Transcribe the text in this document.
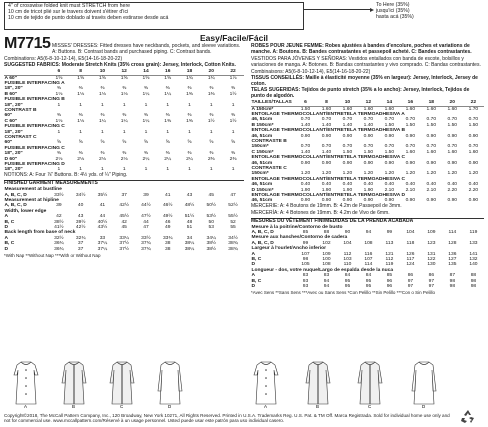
4" of crosswise folded knit must STRETCH from here
10 cm de tricot plié sur le travers doivent s'étirer d'ici
10 cm de tejido de punto doblado al través deben estirarse desde acá
To Here (35%)
jusqu'ici (35%)
hasta acá (35%)
M7715	Easy/Facile/Fácil
MISSES' DRESSES: Fitted dresses have neckbands, pockets, and sleeve variations. A: Buttons. B: Contrast bands and purchased piping. C: Contrast bands.
Combinations: A5(6-8-10-12-14), E5(14-16-18-20-22)
SUGGESTED FABRICS: Moderate Stretch Knits (35% cross grain): Jersey, Interlock, Cotton Knits.
	6	8	10	12	14	16	18	20	22
A 60"	1⅝	1⅝	1⅝	1⅝	1⅝	1⅝	1¾	1¾	1⅞
FUSIBLE INTERFACING A									
18", 20"	⅜	⅜	⅜	⅜	⅜	⅜	⅜	⅜	⅜
B 60"	1⅛	1⅛	1⅛	1⅛	1¼	1¼	1⅜	1⅜	1½
FUSIBLE INTERFACING B									
18", 20"	1	1	1	1	1	1	1	1	1
CONTRAST B									
60"	⅜	⅜	⅜	⅜	⅜	⅜	⅜	⅜	⅜
C 60"	1⅛	1⅛	1¼	1¼	1¼	1⅜	1⅜	1½	1½
FUSIBLE INTERFACING C									
18", 20"	1	1	1	1	1	1	1	1	1
CONTRAST C									
60"	⅝	⅝	⅝	⅝	⅝	⅝	⅝	⅝	⅝
FUSIBLE INTERFACING C									
18", 20"	⅜	⅜	⅜	⅜	⅜	⅜	⅜	⅜	⅜
D 60"	2⅛	2⅛	2⅛	2⅛	2¼	2¼	2¼	2⅜	2⅜
FUSIBLE INTERFACING D									
18", 20"	1	1	1	1	1	1	1	1	1
NOTIONS: A: Four ⅞" Buttons. B: 4½ yds. of ¼" Piping.
FINISHED GARMENT MEASUREMENTS
Measurement at bustline									
A, B, C, D	33½	34½	35½	37	39	41	43	45	47
Measurement at hipline									
A, B, C, D	39	40	41	42½	44½	46½	48½	50½	52½
Width, lower edge									
A	42	43	44	45½	47½	49½	51½	53½	55½
B, C	38½	39½	40½	42	44	46	48	50	52
D	41½	42½	43½	45	47	49	51	53	55
Back length from base of neck									
A	32½	32¾	33	33¼	33½	33¾	34	34¼	34½
B, C	36¾	37	37¼	37½	37¾	38	38¼	38½	38¾
D	36¾	37	37¼	37½	37¾	38	38¼	38½	38¾
*With Nap **Without Nap ***With or Without Nap
ROBES POUR JEUNE FEMME: Robes ajustées à bandes d'encolure, poches et variations de manche. A: Boutons. B: Bandes contrastantes et passepoil acheté. C: Bandes contrastantes.
VESTIDOS PARA JÓVENES Y SEÑORAS: Vestidos entallados con banda de escote, bolsillos y variaciones de manga. A: Botones. B: Bandas contrastantes y vivo comprado. C: Bandas contrastantes.
Combinaisons: A5(6-8-10-12-14), E5(14-16-18-20-22)
TISSUS CONSEILLÉS: Maille à élasticité moyenne (35% en largeur): Jersey, Interlock, Jersey de coton.
TELAS SUGERIDAS: Tejidos de punto stretch (35% a lo ancho): Jersey, Interlock, Tejidos de punto de algodón.
TAILLES/TALLAS	6	8	10	12	14	16	18	20	22
A 150cm*	1.50	1.60	1.60	1.60	1.60	1.60	1.60	1.60	1.70
ENTOILAGE THERMOCOLLANT/ENTRETELA TERMOADHESIVA A									
46, 51cm	0.70	0.70	0.70	0.70	0.70	0.70	0.70	0.70	0.70
B 150cm*	1.40	1.40	1.40	1.40	1.50	1.50	1.50	1.50	1.50
ENTOILAGE THERMOCOLLANT/ENTRETELA TERMOADHESIVA B									
46, 51cm	0.90	0.90	0.90	0.90	0.90	0.90	0.90	0.90	0.90
CONTRASTE B									
150cm*	0.70	0.70	0.70	0.70	0.70	0.70	0.70	0.70	0.70
C 150cm*	1.40	1.40	1.50	1.50	1.50	1.60	1.60	1.60	1.60
ENTOILAGE THERMOCOLLANT/ENTRETELA TERMOADHESIVA C									
46, 51cm	0.90	0.90	0.90	0.90	0.90	0.90	0.90	0.90	0.90
CONTRASTE C									
150cm*	1.20	1.20	1.20	1.20	1.20	1.20	1.20	1.20	1.20
ENTOILAGE THERMOCOLLANT/ENTRETELA TERMOADHESIVA C									
46, 51cm	0.40	0.40	0.40	0.40	0.40	0.40	0.40	0.40	0.40
D 150cm*	1.90	1.90	1.90	1.90	2.10	2.10	2.10	2.20	2.20
ENTOILAGE THERMOCOLLANT/ENTRETELA TERMOADHESIVA D									
46, 51cm	0.90	0.90	0.90	0.90	0.90	0.90	0.90	0.90	0.90
MERCERIE: A: 4 Boutons de 19mm. B: 4.2m de Passepoil de 3mm.
MERCERÍA: A: 4 Botones de 19mm. B: 4.2m de Vivo de 6mm.
MESURES DU VÊTEMENT FINI/MEDIDAS DE LA PRENDA ACABADA
Mesure à la poitrine/Contorno de busto									
A, B, C, D	85	88	90	94	99	104	109	114	119
Mesure aux hanches/Contorno de cadera									
A, B, C, D	99	102	104	108	113	118	123	128	133
Largeur à l'ourlet/Ancho inferior									
A	107	109	112	116	121	126	131	136	141
B, C	98	100	103	107	112	117	122	127	132
D	105	108	110	114	119	124	130	135	140
Longueur - dos, votre nuque/Largo de espalda desde la nuca									
A	83	83	84	84	85	86	86	87	88
B, C	93	94	95	95	96	97	97	98	98
D	93	94	95	95	96	97	97	98	98
*Avec Sens **Sans Sens ***Avec ou Sans Sens *Con Pelillo **Sin Pelillo ***Con o Sin Pelillo
A	B	C	D	A	B	C	D
Copyright©2018, The McCall Pattern Company, Inc., 120 Broadway, New York 10271, All Rights Reserved. Printed in U.S.A. Trademarks Reg. U.S. Pat. & TM Off. Marca Registrada. Sold for individual home use only and not for commercial use. www.mccallpattern.com/Réservé à un usage personnel. Usted puede usar este patrón para uso individual casero.
